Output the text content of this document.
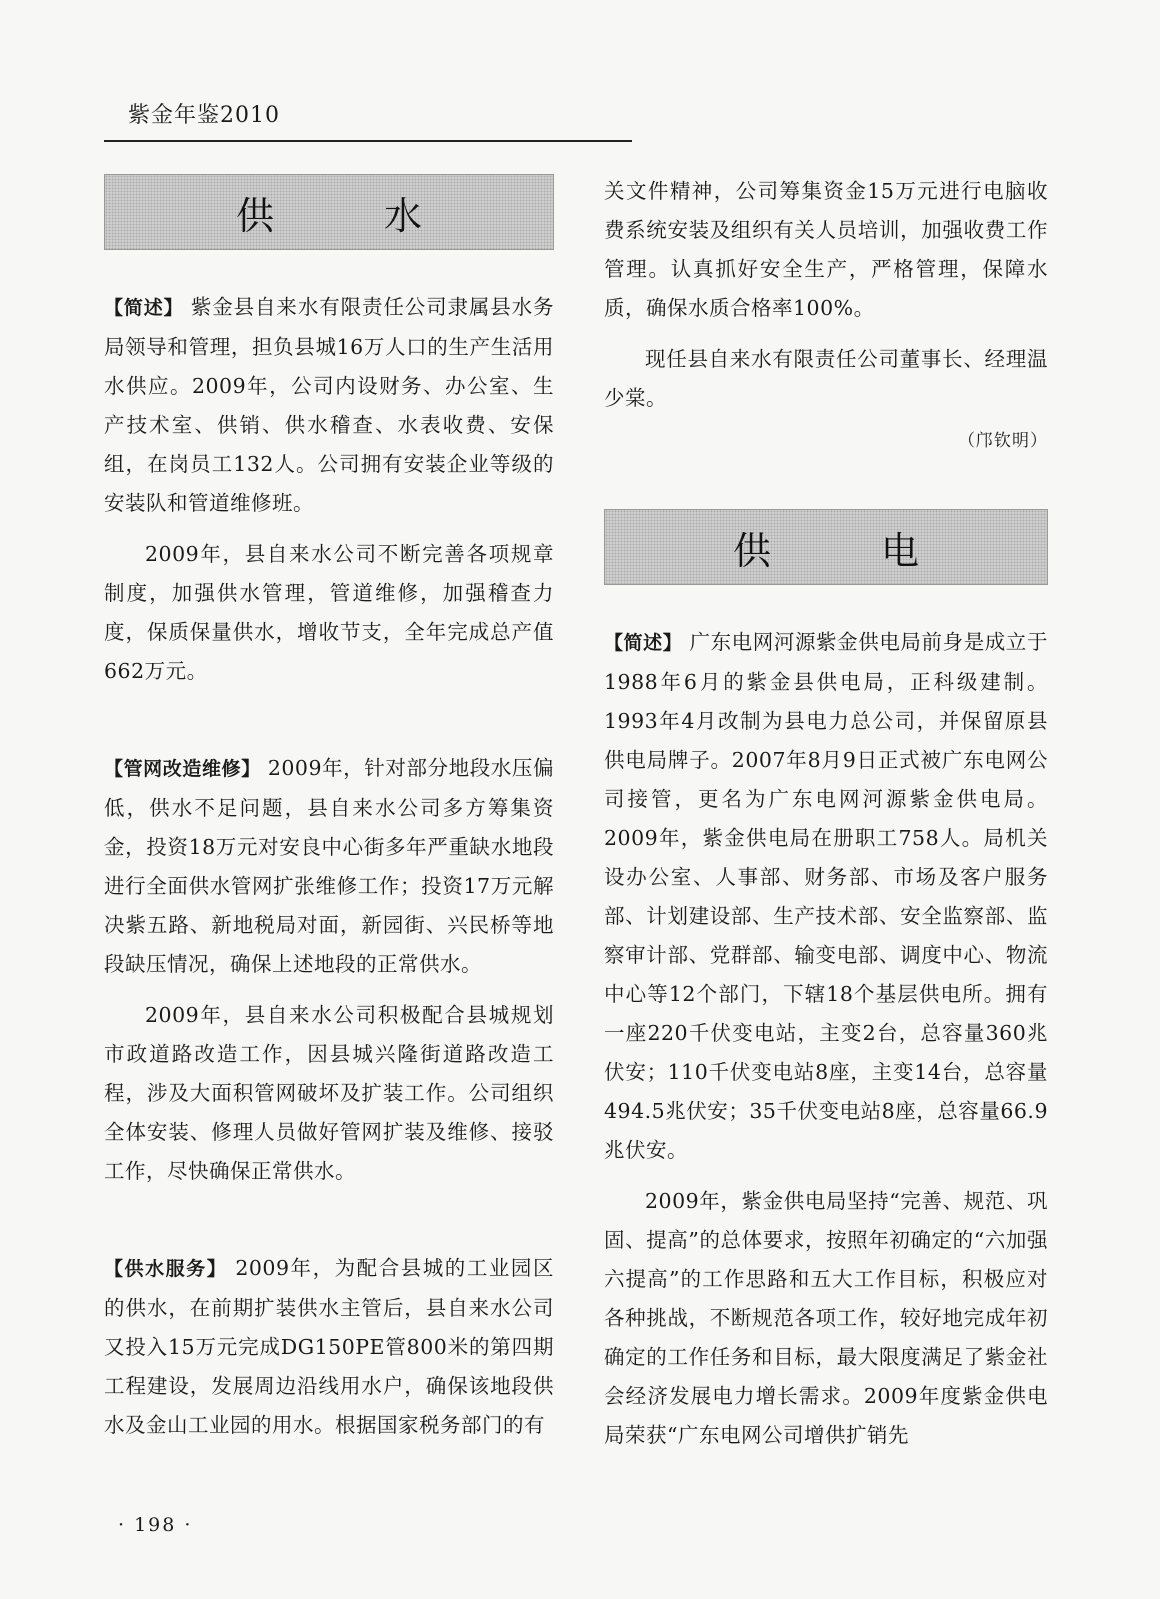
紫金年鉴2010
供水

【简述】 紫金县自来水有限责任公司隶属县水务局领导和管理，担负县城16万人口的生产生活用水供应。2009年，公司内设财务、办公室、生产技术室、供销、供水稽查、水表收费、安保组，在岗员工132人。公司拥有安装企业等级的安装队和管道维修班。

2009年，县自来水公司不断完善各项规章制度，加强供水管理，管道维修，加强稽查力度，保质保量供水，增收节支，全年完成总产值662万元。

【管网改造维修】 2009年，针对部分地段水压偏低，供水不足问题，县自来水公司多方筹集资金，投资18万元对安良中心街多年严重缺水地段进行全面供水管网扩张维修工作；投资17万元解决紫五路、新地税局对面，新园街、兴民桥等地段缺压情况，确保上述地段的正常供水。

2009年，县自来水公司积极配合县城规划市政道路改造工作，因县城兴隆街道路改造工程，涉及大面积管网破坏及扩装工作。公司组织全体安装、修理人员做好管网扩装及维修、接驳工作，尽快确保正常供水。

【供水服务】 2009年，为配合县城的工业园区的供水，在前期扩装供水主管后，县自来水公司又投入15万元完成DG150PE管800米的第四期工程建设，发展周边沿线用水户，确保该地段供水及金山工业园的用水。根据国家税务部门的有

关文件精神，公司筹集资金15万元进行电脑收费系统安装及组织有关人员培训，加强收费工作管理。认真抓好安全生产，严格管理，保障水质，确保水质合格率100%。

现任县自来水有限责任公司董事长、经理温少棠。

（邝钦明）
供电

【简述】 广东电网河源紫金供电局前身是成立于1988年6月的紫金县供电局，正科级建制。1993年4月改制为县电力总公司，并保留原县供电局牌子。2007年8月9日正式被广东电网公司接管，更名为广东电网河源紫金供电局。2009年，紫金供电局在册职工758人。局机关设办公室、人事部、财务部、市场及客户服务部、计划建设部、生产技术部、安全监察部、监察审计部、党群部、输变电部、调度中心、物流中心等12个部门，下辖18个基层供电所。拥有一座220千伏变电站，主变2台，总容量360兆伏安；110千伏变电站8座，主变14台，总容量494.5兆伏安；35千伏变电站8座，总容量66.9兆伏安。

2009年，紫金供电局坚持“完善、规范、巩固、提高”的总体要求，按照年初确定的“六加强六提高”的工作思路和五大工作目标，积极应对各种挑战，不断规范各项工作，较好地完成年初确定的工作任务和目标，最大限度满足了紫金社会经济发展电力增长需求。2009年度紫金供电局荣获“广东电网公司增供扩销先

· 198 ·
